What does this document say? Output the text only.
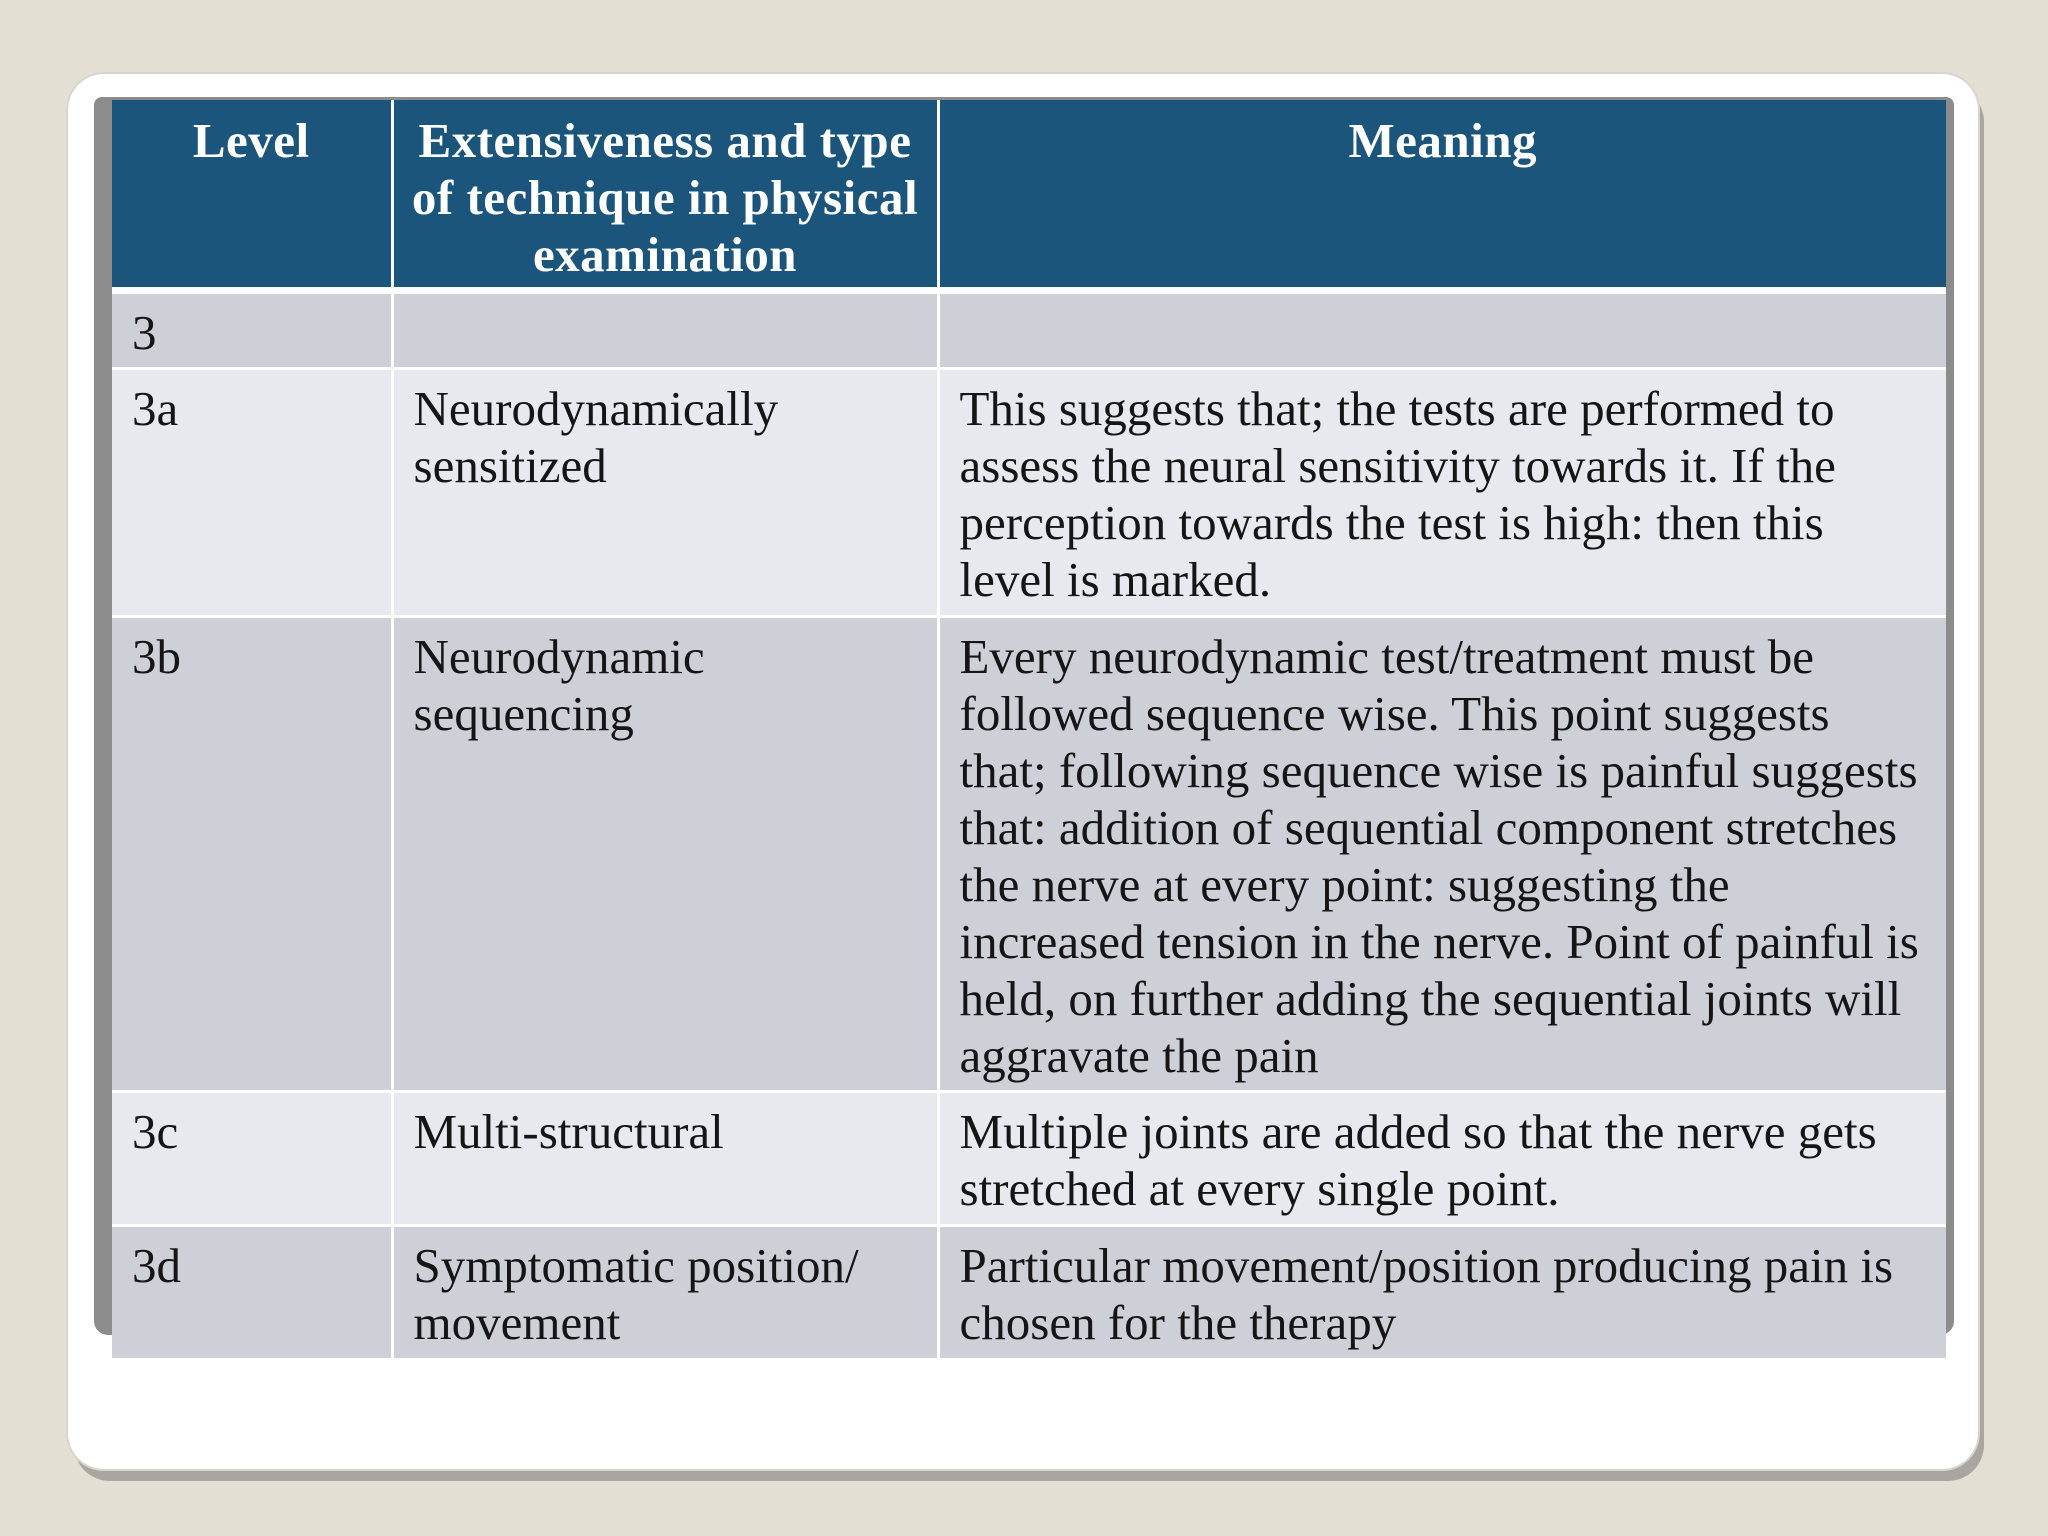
Level	Extensiveness and type of technique in physical examination	Meaning
3		
3a	Neurodynamically sensitized	This suggests that; the tests are performed to assess the neural sensitivity towards it. If the perception towards the test is high: then this level is marked.
3b	Neurodynamic sequencing	Every neurodynamic test/treatment must be followed sequence wise. This point suggests that; following sequence wise is painful suggests that: addition of sequential component stretches the nerve at every point: suggesting the increased tension in the nerve. Point of painful is held, on further adding the sequential joints will aggravate the pain
3c	Multi-structural	Multiple joints are added so that the nerve gets stretched at every single point.
3d	Symptomatic position/ movement	Particular movement/position producing pain is chosen for the therapy
